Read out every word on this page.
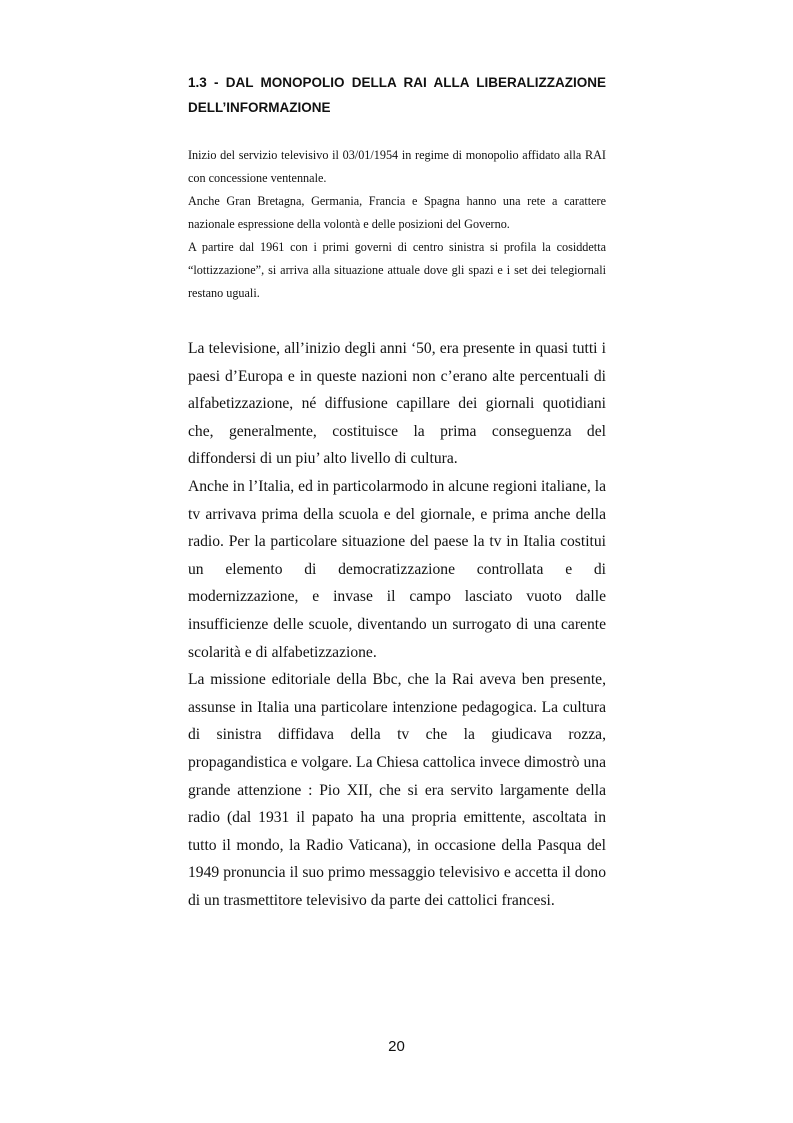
1.3 - DAL MONOPOLIO DELLA RAI ALLA LIBERALIZZAZIONE
DELL’INFORMAZIONE

Inizio del servizio televisivo il 03/01/1954 in regime di monopolio affidato alla RAI con concessione ventennale.

Anche Gran Bretagna, Germania, Francia e Spagna hanno una rete a carattere nazionale espressione della volontà e delle posizioni del Governo.

A partire dal 1961 con i primi governi di centro sinistra si profila la cosiddetta “lottizzazione”, si arriva alla situazione attuale dove gli spazi e i set dei telegiornali restano uguali.

La televisione, all’inizio degli anni ‘50, era presente in quasi tutti i paesi d’Europa e in queste nazioni non c’erano alte percentuali di alfabetizzazione, né diffusione capillare dei giornali quotidiani che, generalmente, costituisce la prima conseguenza del diffondersi di un piu’ alto livello di cultura.

Anche in l’Italia, ed in particolarmodo in alcune regioni italiane, la tv arrivava prima della scuola e del giornale, e prima anche della radio. Per la particolare situazione del paese la tv in Italia costitui un elemento di democratizzazione controllata e di modernizzazione, e invase il campo lasciato vuoto dalle insufficienze delle scuole, diventando un surrogato di una carente scolarità e di alfabetizzazione.

La missione editoriale della Bbc, che la Rai aveva ben presente, assunse in Italia una particolare intenzione pedagogica. La cultura di sinistra diffidava della tv che la giudicava rozza, propagandistica e volgare. La Chiesa cattolica invece dimostrò una grande attenzione : Pio XII, che si era servito largamente della radio (dal 1931 il papato ha una propria emittente, ascoltata in tutto il mondo, la Radio Vaticana), in occasione della Pasqua del 1949 pronuncia il suo primo messaggio televisivo e accetta il dono di un trasmettitore televisivo da parte dei cattolici francesi.

20
